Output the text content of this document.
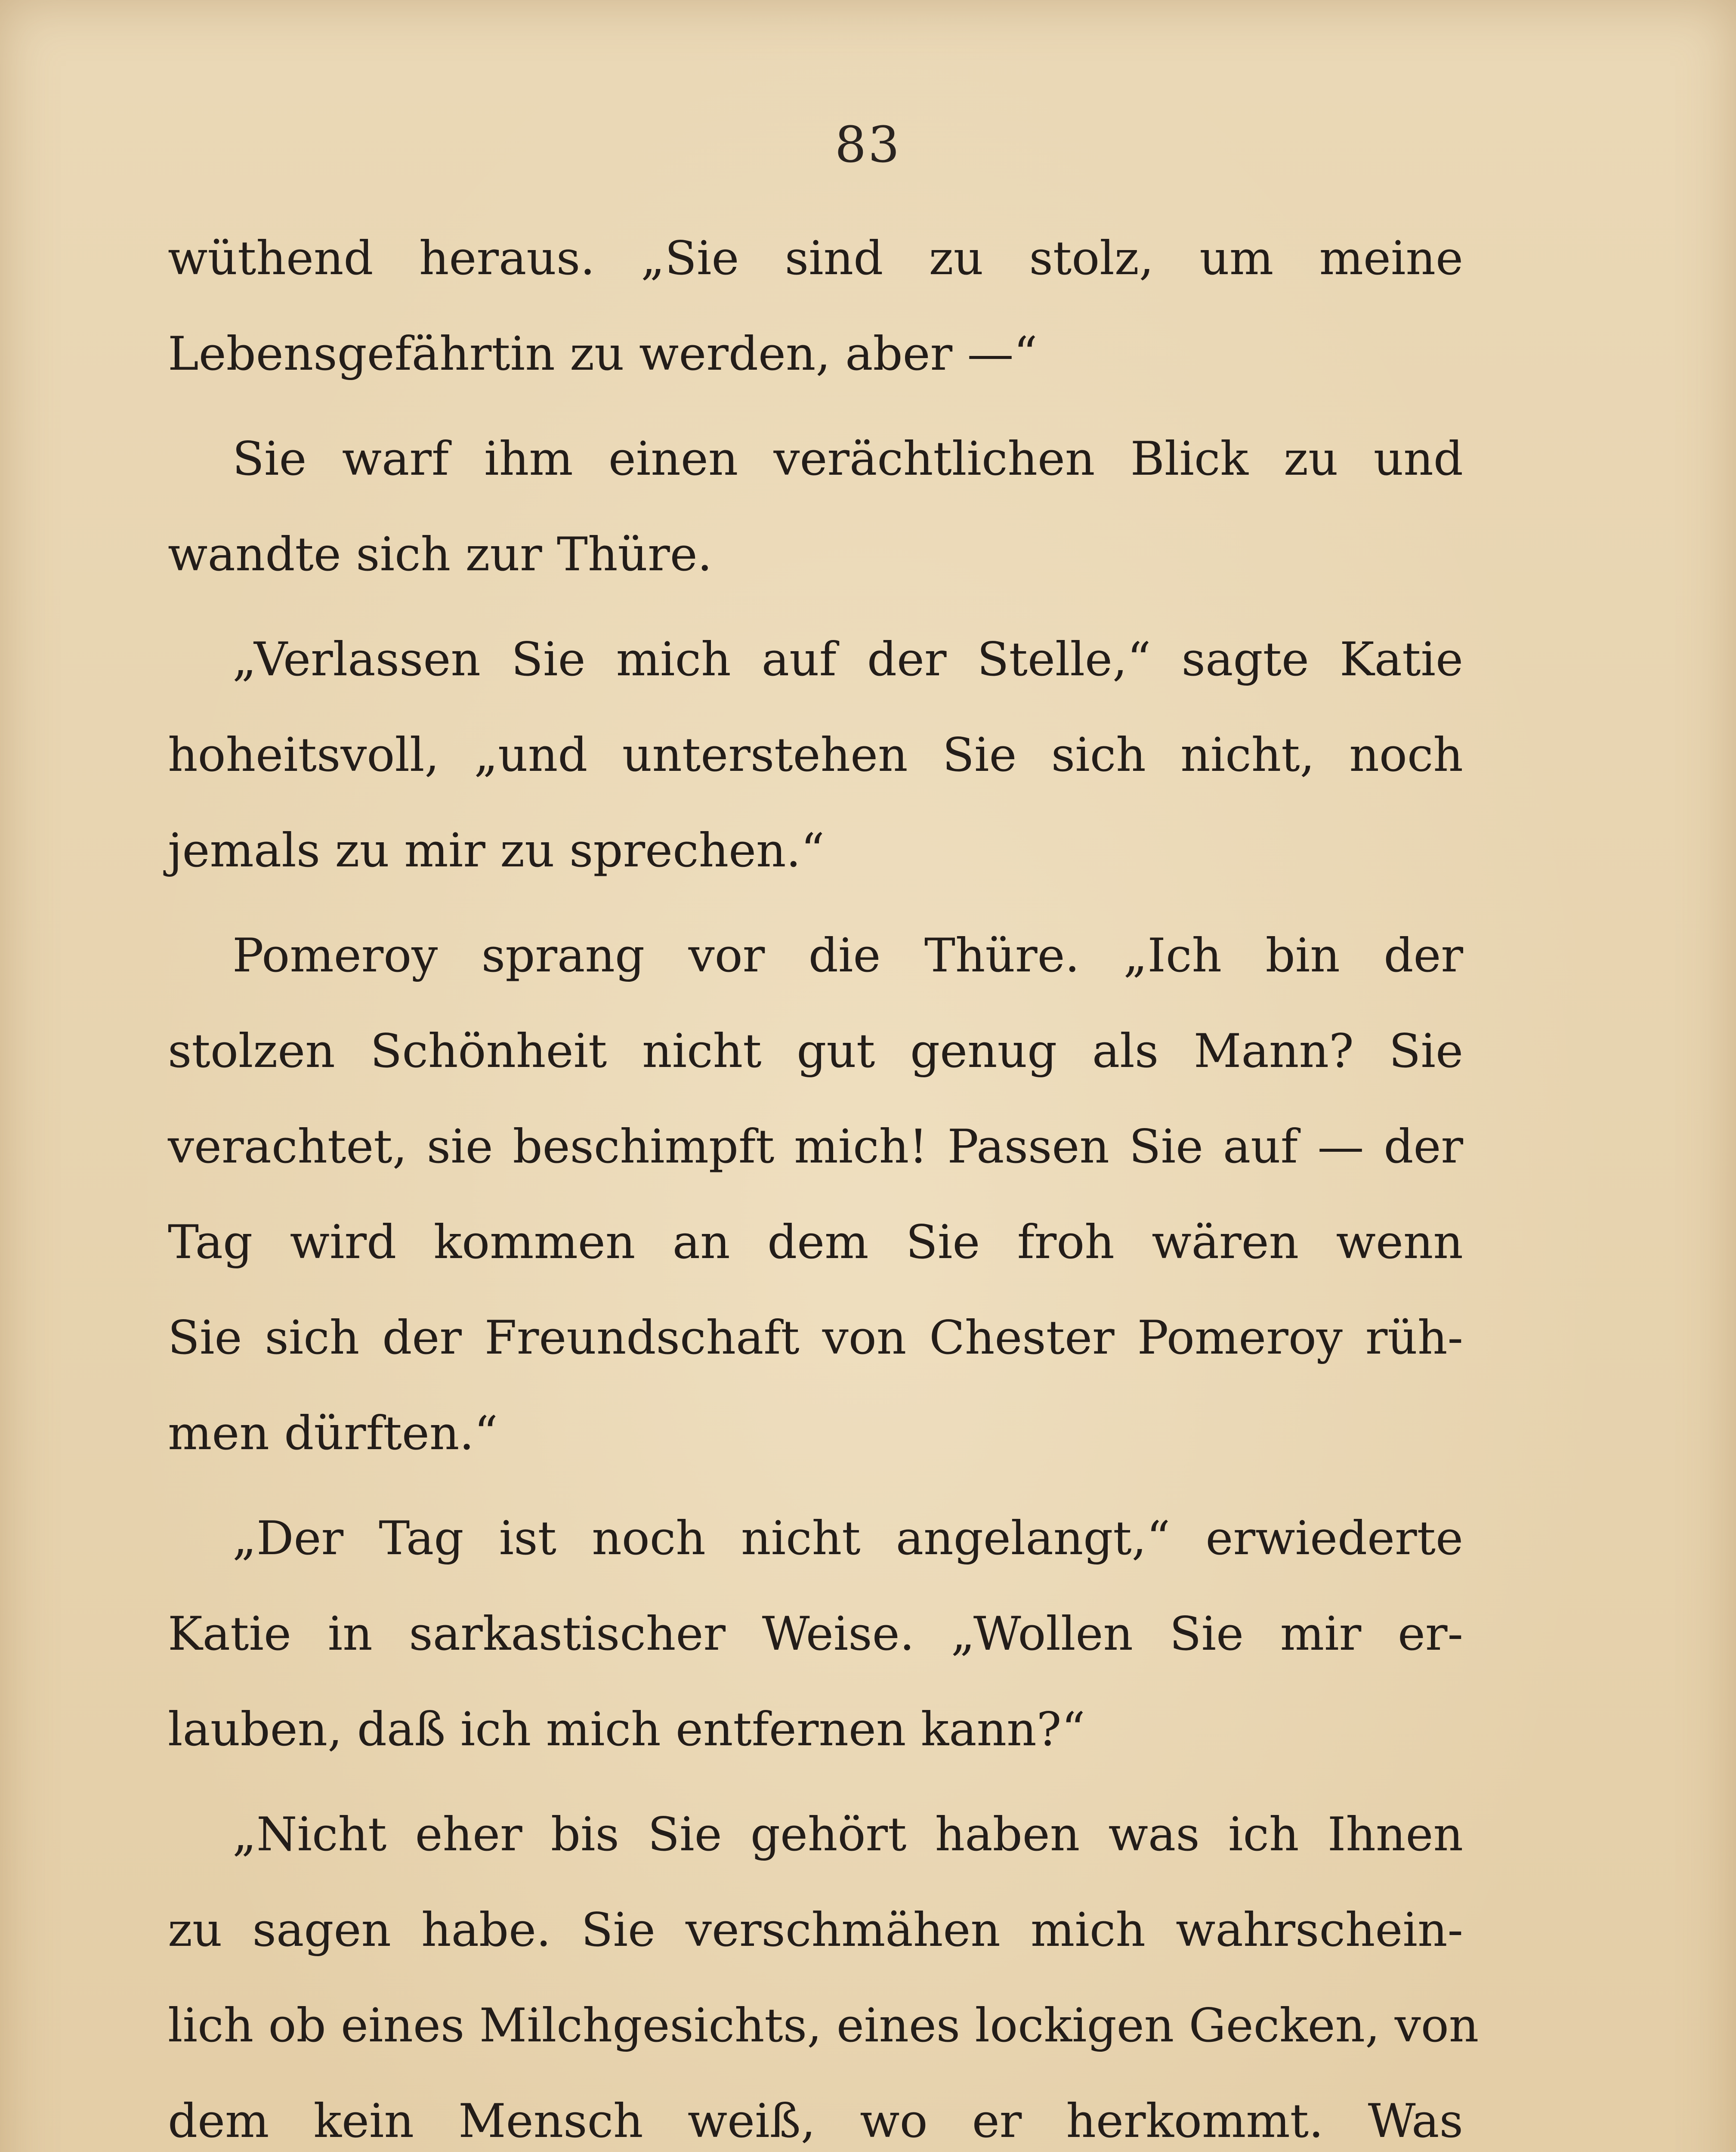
83
wüthend heraus. „Sie sind zu stolz, um meine
Lebensgefährtin zu werden, aber —“
Sie warf ihm einen verächtlichen Blick zu und
wandte sich zur Thüre.
„Verlassen Sie mich auf der Stelle,“ sagte Katie
hoheitsvoll, „und unterstehen Sie sich nicht, noch
jemals zu mir zu sprechen.“
Pomeroy sprang vor die Thüre. „Ich bin der
stolzen Schönheit nicht gut genug als Mann? Sie
verachtet, sie beschimpft mich! Passen Sie auf — der
Tag wird kommen an dem Sie froh wären wenn
Sie sich der Freundschaft von Chester Pomeroy rüh-
men dürften.“
„Der Tag ist noch nicht angelangt,“ erwiederte
Katie in sarkastischer Weise. „Wollen Sie mir er-
lauben, daß ich mich entfernen kann?“
„Nicht eher bis Sie gehört haben was ich Ihnen
zu sagen habe. Sie verschmähen mich wahrschein-
lich ob eines Milchgesichts, eines lockigen Gecken, von
dem kein Mensch weiß, wo er herkommt. Was
